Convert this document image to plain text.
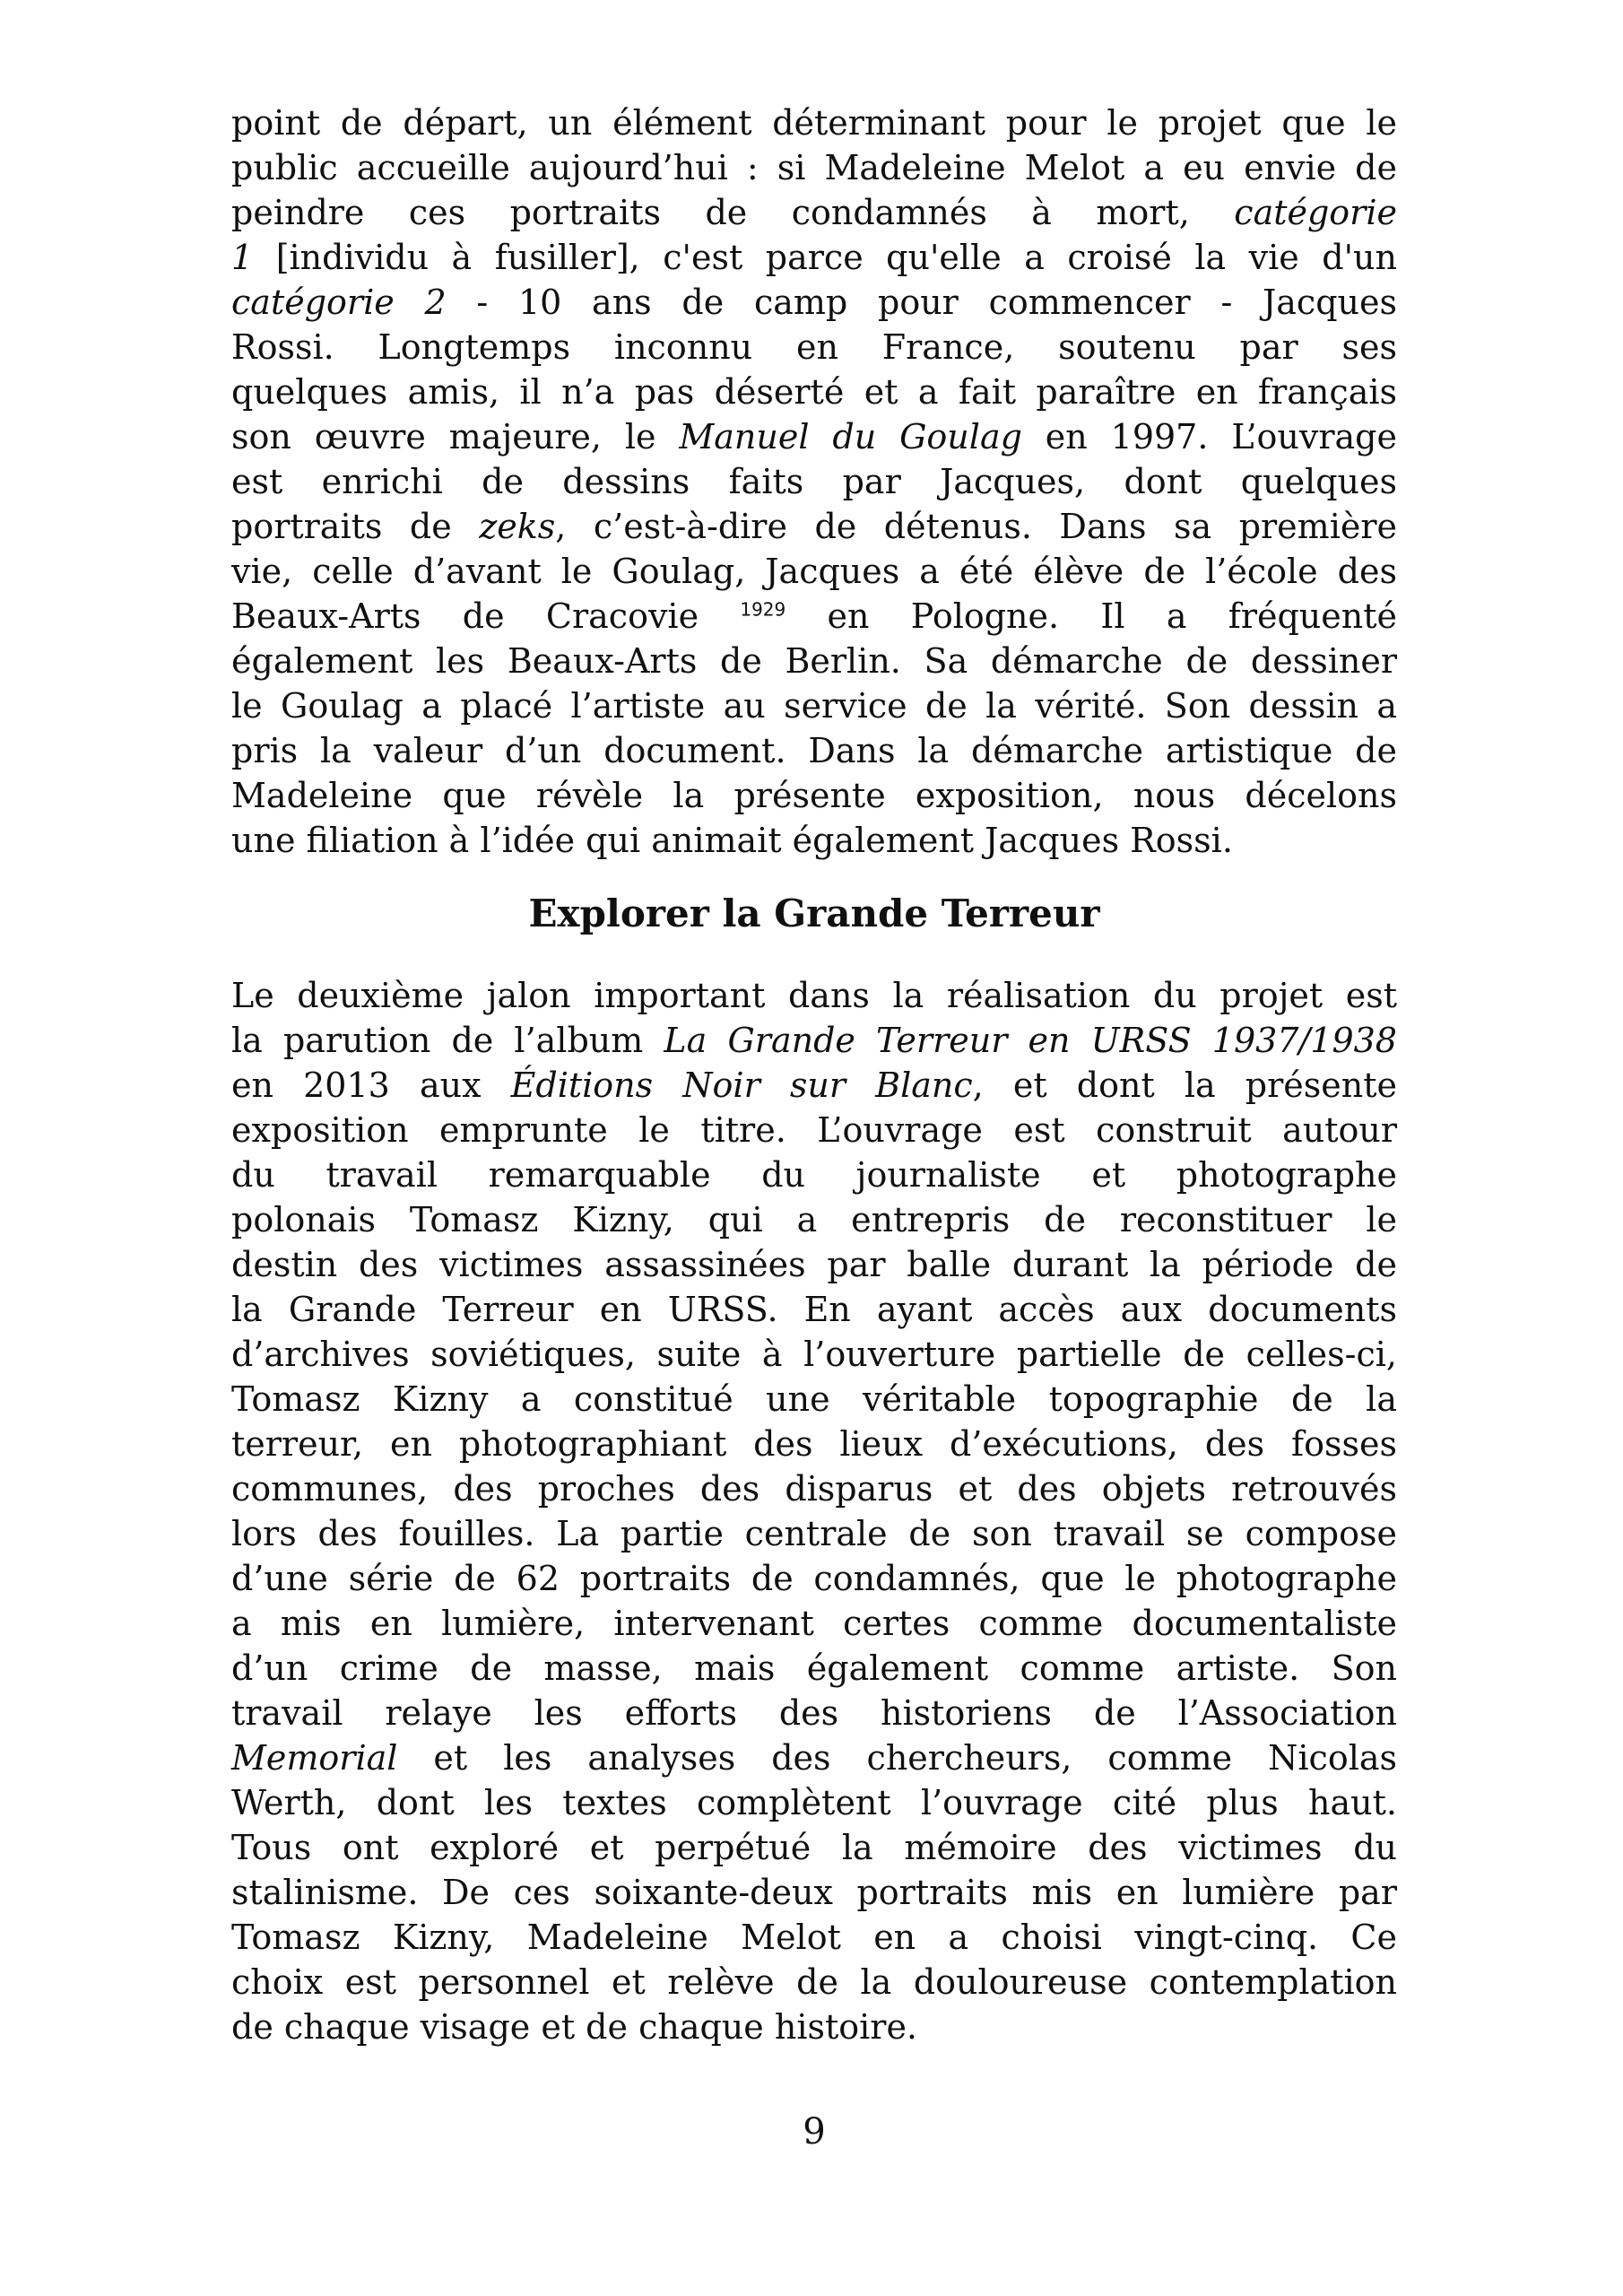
point de départ, un élément déterminant pour le projet que le
public accueille aujourd’hui : si Madeleine Melot a eu envie de
peindre ces portraits de condamnés à mort, catégorie
1 [individu à fusiller], c'est parce qu'elle a croisé la vie d'un
catégorie 2 - 10 ans de camp pour commencer - Jacques
Rossi. Longtemps inconnu en France, soutenu par ses
quelques amis, il n’a pas déserté et a fait paraître en français
son œuvre majeure, le Manuel du Goulag en 1997. L’ouvrage
est enrichi de dessins faits par Jacques, dont quelques
portraits de zeks, c’est-à-dire de détenus. Dans sa première
vie, celle d’avant le Goulag, Jacques a été élève de l’école des
Beaux-Arts de Cracovie $^{1929}$ en Pologne. Il a fréquenté
également les Beaux-Arts de Berlin. Sa démarche de dessiner
le Goulag a placé l’artiste au service de la vérité. Son dessin a
pris la valeur d’un document. Dans la démarche artistique de
Madeleine que révèle la présente exposition, nous décelons
une filiation à l’idée qui animait également Jacques Rossi.
Explorer la Grande Terreur
Le deuxième jalon important dans la réalisation du projet est
la parution de l’album La Grande Terreur en URSS 1937/1938
en 2013 aux Éditions Noir sur Blanc, et dont la présente
exposition emprunte le titre. L’ouvrage est construit autour
du travail remarquable du journaliste et photographe
polonais Tomasz Kizny, qui a entrepris de reconstituer le
destin des victimes assassinées par balle durant la période de
la Grande Terreur en URSS. En ayant accès aux documents
d’archives soviétiques, suite à l’ouverture partielle de celles-ci,
Tomasz Kizny a constitué une véritable topographie de la
terreur, en photographiant des lieux d’exécutions, des fosses
communes, des proches des disparus et des objets retrouvés
lors des fouilles. La partie centrale de son travail se compose
d’une série de 62 portraits de condamnés, que le photographe
a mis en lumière, intervenant certes comme documentaliste
d’un crime de masse, mais également comme artiste. Son
travail relaye les efforts des historiens de l’Association
Memorial et les analyses des chercheurs, comme Nicolas
Werth, dont les textes complètent l’ouvrage cité plus haut.
Tous ont exploré et perpétué la mémoire des victimes du
stalinisme. De ces soixante-deux portraits mis en lumière par
Tomasz Kizny, Madeleine Melot en a choisi vingt-cinq. Ce
choix est personnel et relève de la douloureuse contemplation
de chaque visage et de chaque histoire.
9
